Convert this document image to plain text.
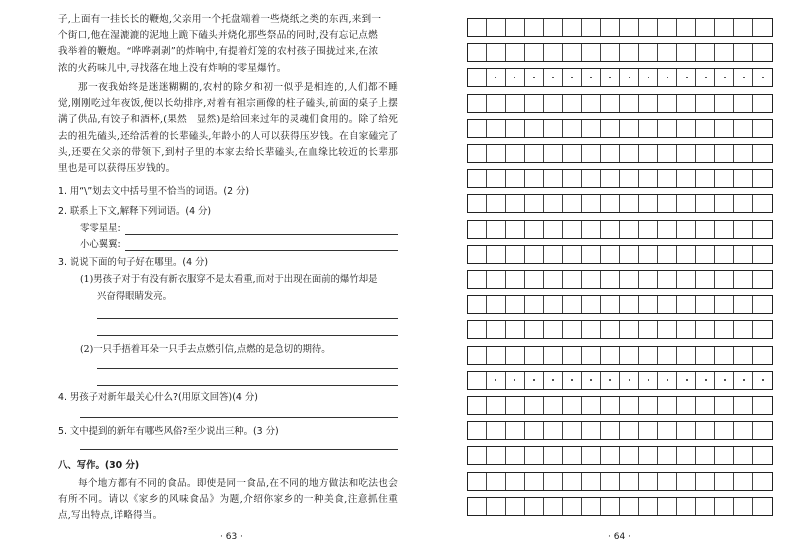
子,上面有一挂长长的鞭炮,父亲用一个托盘端着一些烧纸之类的东西,来到一
个街口,他在湿漉漉的泥地上跪下磕头并烧化那些祭品的同时,没有忘记点燃
我举着的鞭炮。“哗哗剥剥”的炸响中,有提着灯笼的农村孩子围拢过来,在浓
浓的火药味儿中,寻找落在地上没有炸响的零星爆竹。

那一夜我始终是迷迷糊糊的,农村的除夕和初一似乎是相连的,人们都不睡觉,刚刚吃过年夜饭,便以长幼排序,对着有祖宗画像的柱子磕头,前面的桌子上摆满了供品,有饺子和酒杯,(果然　显然)是给回来过年的灵魂们食用的。除了给死去的祖先磕头,还给活着的长辈磕头,年龄小的人可以获得压岁钱。在自家磕完了头,还要在父亲的带领下,到村子里的本家去给长辈磕头,在血缘比较近的长辈那里也是可以获得压岁钱的。

1. 用“\”划去文中括号里不恰当的词语。(2 分)

2. 联系上下文,解释下列词语。(4 分)

零零星星:
小心翼翼:

3. 说说下面的句子好在哪里。(4 分)

(1)男孩子对于有没有新衣服穿不是太看重,而对于出现在面前的爆竹却是

兴奋得眼睛发亮。

(2)一只手捂着耳朵一只手去点燃引信,点燃的是急切的期待。

4. 男孩子对新年最关心什么?(用原文回答)(4 分)

5. 文中提到的新年有哪些风俗?至少说出三种。(3 分)

八、写作。(30 分)

每个地方都有不同的食品。即使是同一食品,在不同的地方做法和吃法也会有所不同。请以《家乡的风味食品》为题,介绍你家乡的一种美食,注意抓住重点,写出特点,详略得当。

· 63 ·	· 64 ·
